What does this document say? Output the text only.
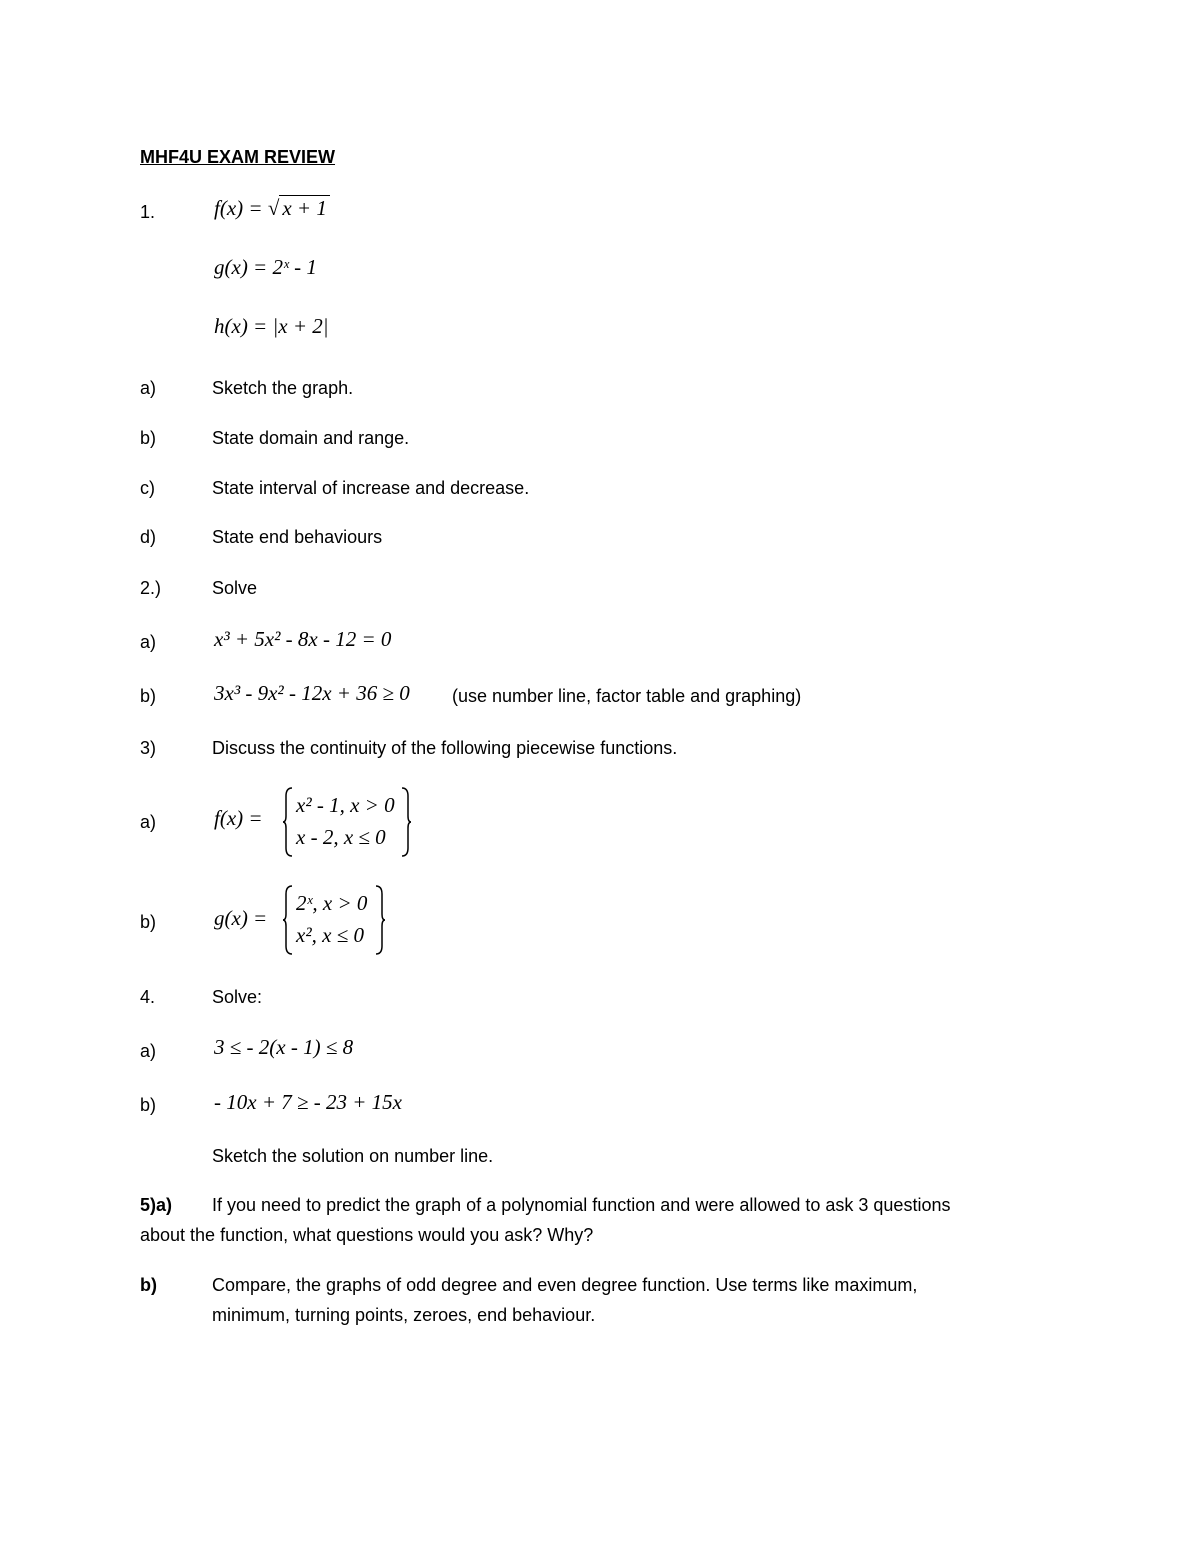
MHF4U EXAM REVIEW
1.	f(x) = √ x + 1
g(x) = 2ˣ - 1
h(x) = |x + 2|
a)	Sketch the graph.
b)	State domain and range.
c)	State interval of increase and decrease.
d)	State end behaviours
2.)	Solve
a)	x³ + 5x² - 8x - 12 = 0
b)	3x³ - 9x² - 12x + 36 ≥ 0 (use number line, factor table and graphing)
3)	Discuss the continuity of the following piecewise functions.
a)	f(x) =
x² - 1, x > 0
x - 2, x ≤ 0
b)	g(x) =
2ˣ, x > 0
x², x ≤ 0
4.	Solve:
a)	3 ≤ - 2(x - 1) ≤ 8
b)	- 10x + 7 ≥ - 23 + 15x
Sketch the solution on number line.
5)a) If you need to predict the graph of a polynomial function and were allowed to ask 3 questions
about the function, what questions would you ask? Why?
b)	Compare, the graphs of odd degree and even degree function. Use terms like maximum,
minimum, turning points, zeroes, end behaviour.
